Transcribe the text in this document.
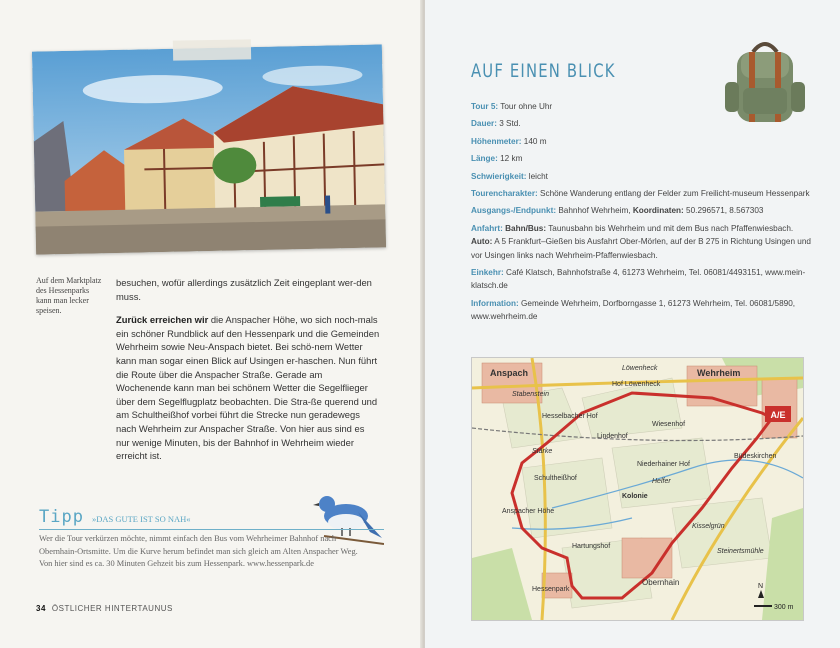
Auf dem Marktplatz des Hessenparks kann man lecker speisen.

besuchen, wofür allerdings zusätzlich Zeit eingeplant wer-den muss.

Zurück erreichen wir die Anspacher Höhe, wo sich noch-mals ein schöner Rundblick auf den Hessenpark und die Gemeinden Wehrheim sowie Neu-Anspach bietet. Bei schö-nem Wetter kann man sogar einen Blick auf Usingen er-haschen. Nun führt die Route über die Anspacher Straße. Gerade am Wochenende kann man bei schönem Wetter die Segelflieger über dem Segelflugplatz beobachten. Die Stra-ße querend und am Schultheißhof vorbei führt die Strecke nun geradewegs nach Wehrheim zur Anspacher Straße. Von hier aus sind es nur wenige Minuten, bis der Bahnhof in Wehrheim wieder erreicht ist.

Tipp »DAS GUTE IST SO NAH«
Wer die Tour verkürzen möchte, nimmt einfach den Bus vom Wehrheimer Bahnhof nach Obernhain-Ortsmitte. Um die Kurve herum befindet man sich gleich am Alten Anspacher Weg. Von hier sind es ca. 30 Minuten Gehzeit bis zum Hessenpark. www.hessenpark.de
34 ÖSTLICHER HINTERTAUNUS
AUF EINEN BLICK
Tour 5: Tour ohne Uhr
Dauer: 3 Std.
Höhenmeter: 140 m
Länge: 12 km
Schwierigkeit: leicht
Tourencharakter: Schöne Wanderung entlang der Felder zum Freilicht-museum Hessenpark
Ausgangs-/Endpunkt: Bahnhof Wehrheim, Koordinaten: 50.296571, 8.567303
Anfahrt: Bahn/Bus: Taunusbahn bis Wehrheim und mit dem Bus nach Pfaffenwiesbach.
Auto: A 5 Frankfurt–Gießen bis Ausfahrt Ober-Mörlen, auf der B 275 in Richtung Usingen und vor Usingen links nach Wehrheim-Pfaffenwiesbach.
Einkehr: Café Klatsch, Bahnhofstraße 4, 61273 Wehrheim, Tel. 06081/4493151, www.mein-klatsch.de
Information: Gemeinde Wehrheim, Dorfborngasse 1, 61273 Wehrheim, Tel. 06081/5890, www.wehrheim.de
A/E
Anspach	Wehrheim
Löwenheck
Hof Löwenheck
Stabenstein
Hesselbacher Hof
Lindenhof
Wiesenhof
Stärke
Schultheißhof
Anspacher Höhe
Niederhainer Hof
Helfer
Kolonie
Kisselgrün
Hartungshof
Obernhain
Hessenpark
Steinertsmühle
Büdeskirchen
300 m
N
